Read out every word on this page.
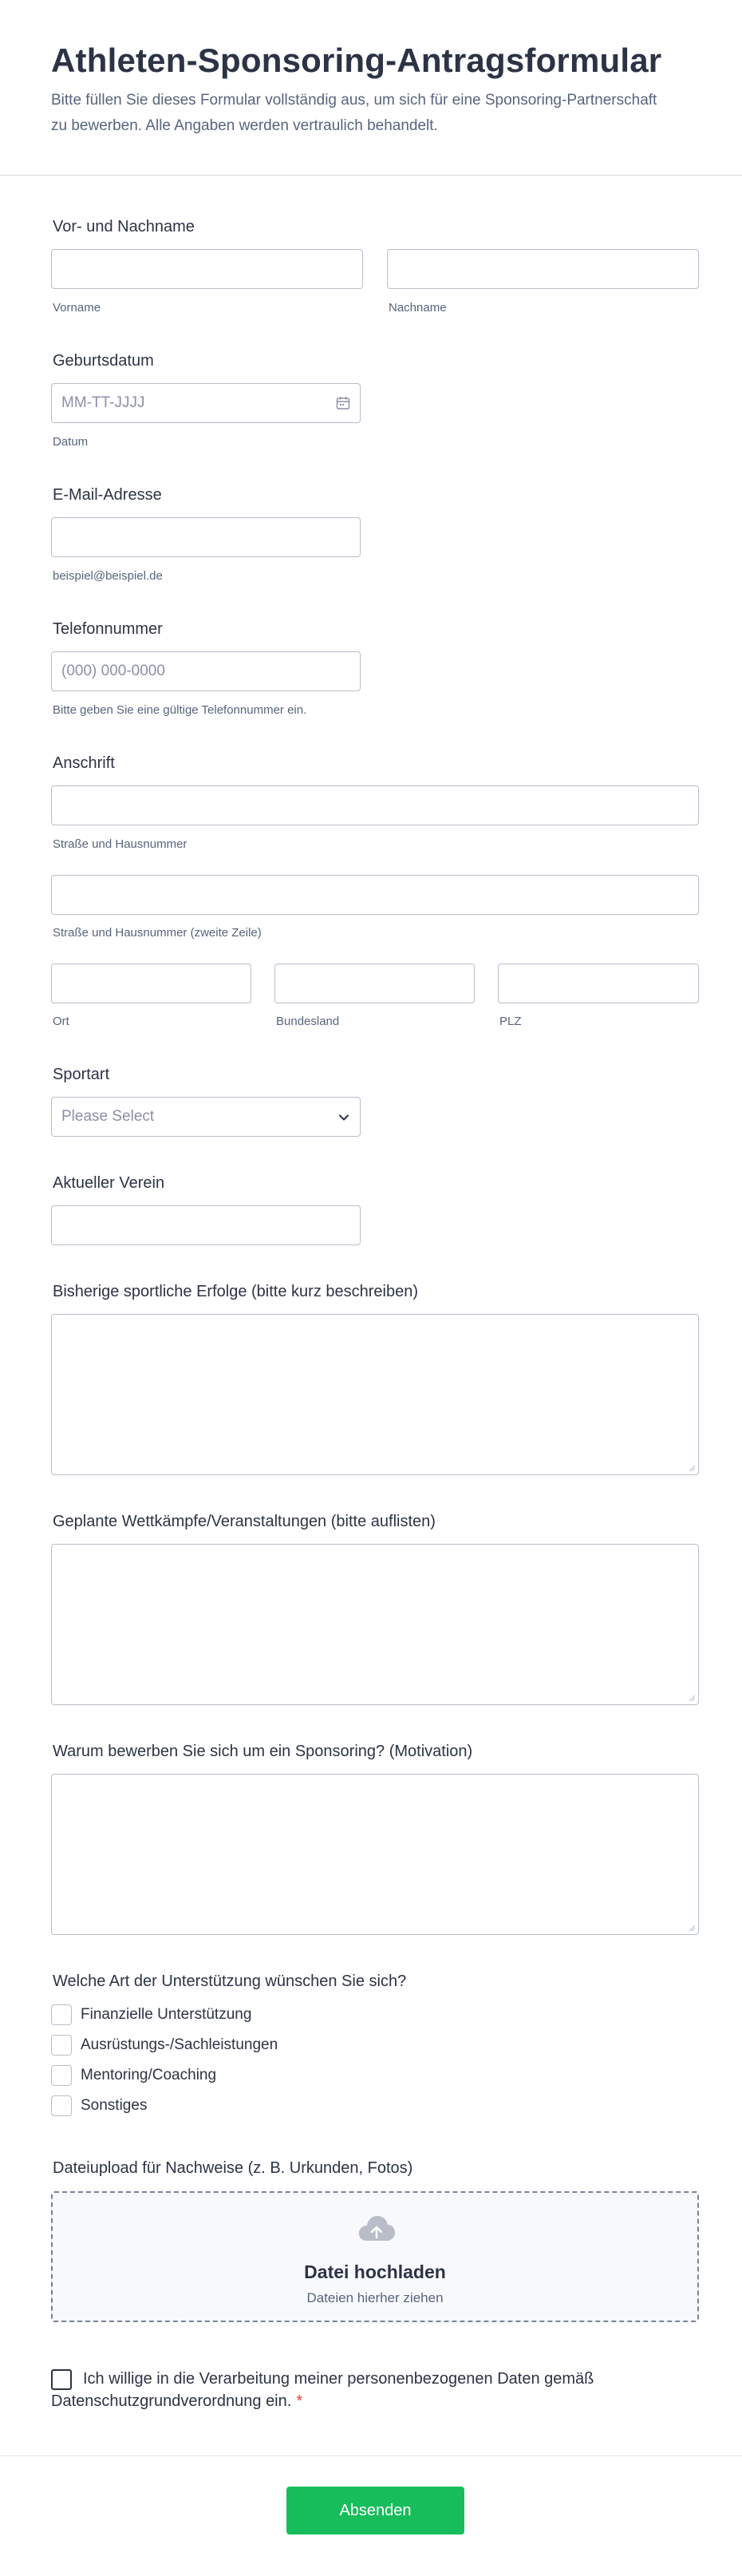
Athleten-Sponsoring-Antragsformular

Bitte füllen Sie dieses Formular vollständig aus, um sich für eine Sponsoring-Partnerschaft zu bewerben. Alle Angaben werden vertraulich behandelt.

Vor- und Nachname
Vorname	Nachname
Geburtsdatum
MM-TT-JJJJ
Datum
E-Mail-Adresse
beispiel@beispiel.de
Telefonnummer
(000) 000-0000
Bitte geben Sie eine gültige Telefonnummer ein.
Anschrift
Straße und Hausnummer
Straße und Hausnummer (zweite Zeile)
Ort	Bundesland	PLZ
Sportart
Please Select
Aktueller Verein
Bisherige sportliche Erfolge (bitte kurz beschreiben)
Geplante Wettkämpfe/Veranstaltungen (bitte auflisten)
Warum bewerben Sie sich um ein Sponsoring? (Motivation)
Welche Art der Unterstützung wünschen Sie sich?
Finanzielle Unterstützung
Ausrüstungs-/Sachleistungen
Mentoring/Coaching
Sonstiges
Dateiupload für Nachweise (z. B. Urkunden, Fotos)
Datei hochladen
Dateien hierher ziehen
Ich willige in die Verarbeitung meiner personenbezogenen Daten gemäß Datenschutzgrundverordnung ein. *
Absenden
